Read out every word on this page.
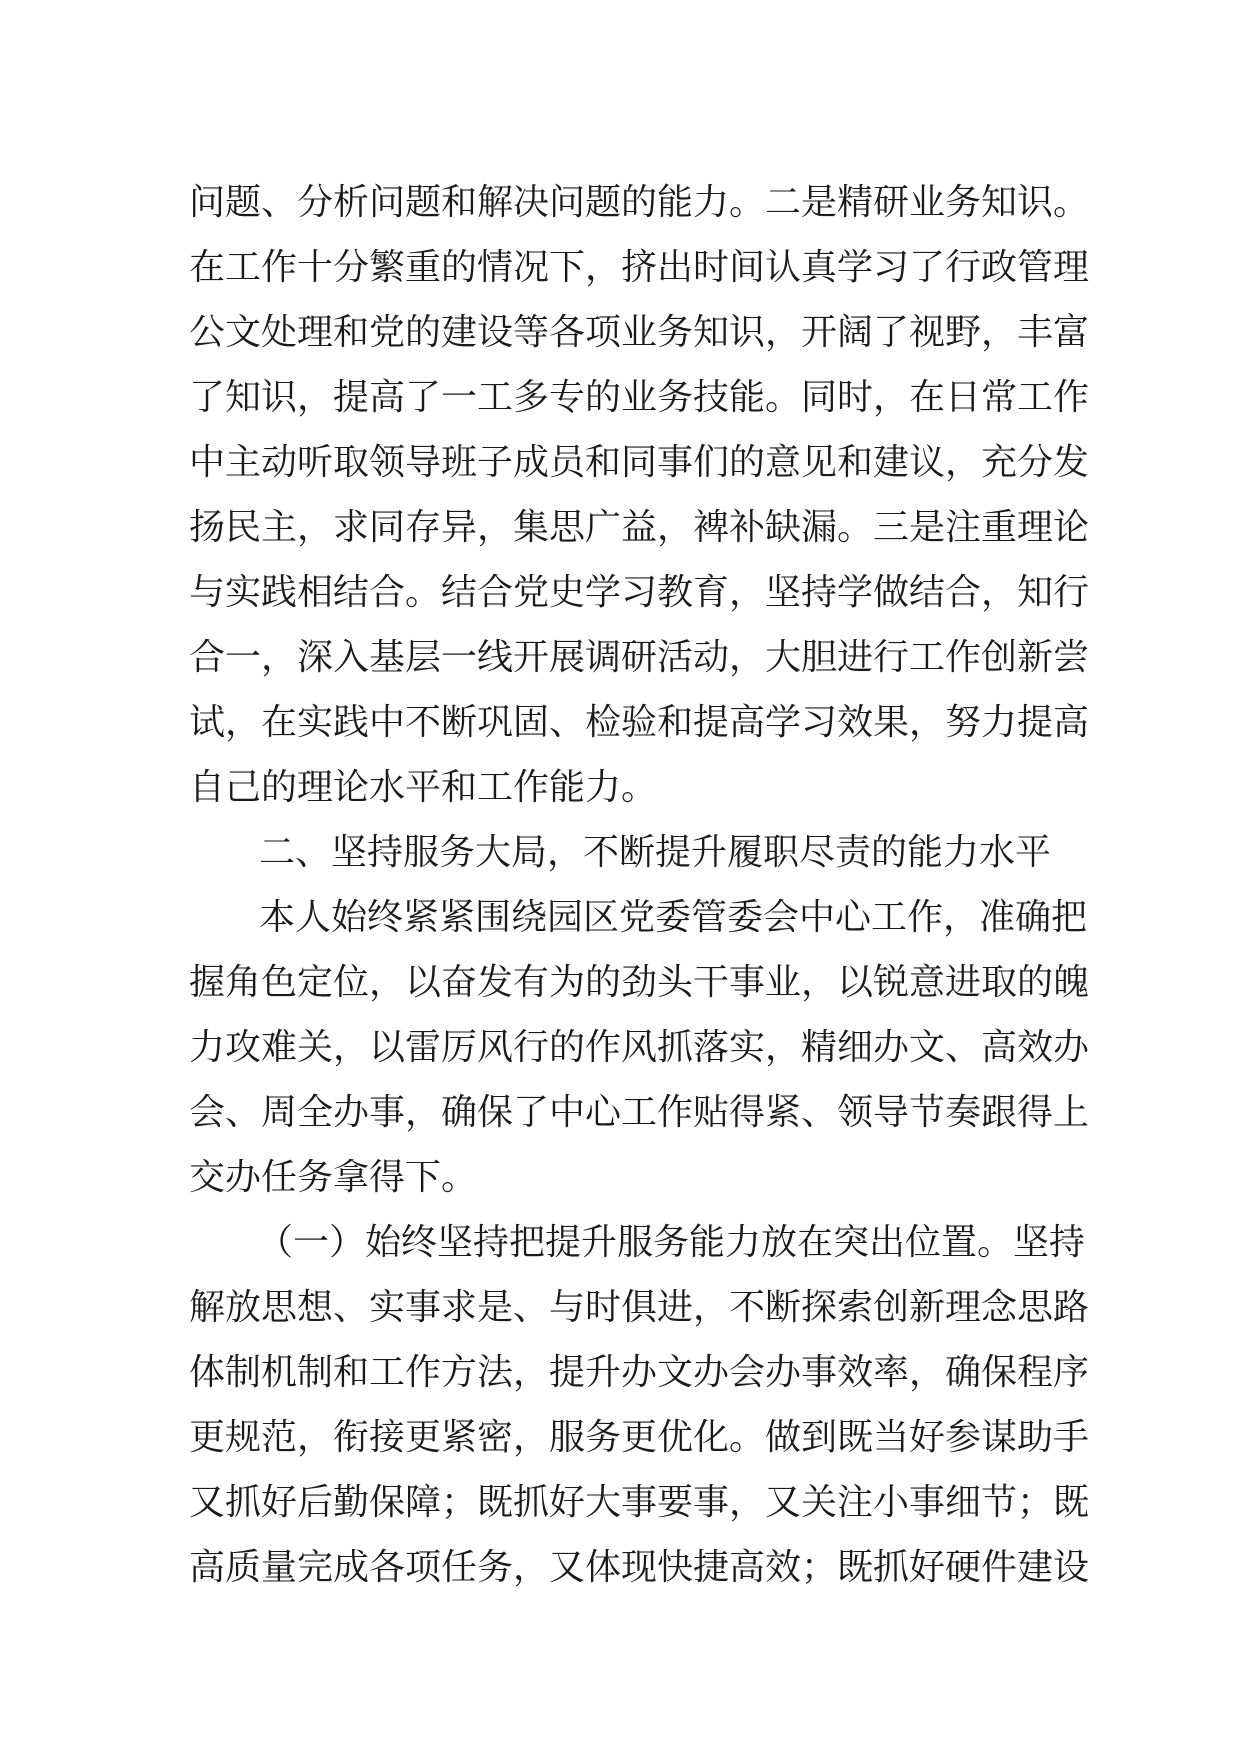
问题、分析问题和解决问题的能力。二是精研业务知识。
在工作十分繁重的情况下，挤出时间认真学习了行政管理
公文处理和党的建设等各项业务知识，开阔了视野，丰富
了知识，提高了一工多专的业务技能。同时，在日常工作
中主动听取领导班子成员和同事们的意见和建议，充分发
扬民主，求同存异，集思广益，裨补缺漏。三是注重理论
与实践相结合。结合党史学习教育，坚持学做结合，知行
合一，深入基层一线开展调研活动，大胆进行工作创新尝
试，在实践中不断巩固、检验和提高学习效果，努力提高
自己的理论水平和工作能力。
二、坚持服务大局，不断提升履职尽责的能力水平
本人始终紧紧围绕园区党委管委会中心工作，准确把
握角色定位，以奋发有为的劲头干事业，以锐意进取的魄
力攻难关，以雷厉风行的作风抓落实，精细办文、高效办
会、周全办事，确保了中心工作贴得紧、领导节奏跟得上
交办任务拿得下。
（一）始终坚持把提升服务能力放在突出位置。坚持
解放思想、实事求是、与时俱进，不断探索创新理念思路
体制机制和工作方法，提升办文办会办事效率，确保程序
更规范，衔接更紧密，服务更优化。做到既当好参谋助手
又抓好后勤保障；既抓好大事要事，又关注小事细节；既
高质量完成各项任务，又体现快捷高效；既抓好硬件建设
